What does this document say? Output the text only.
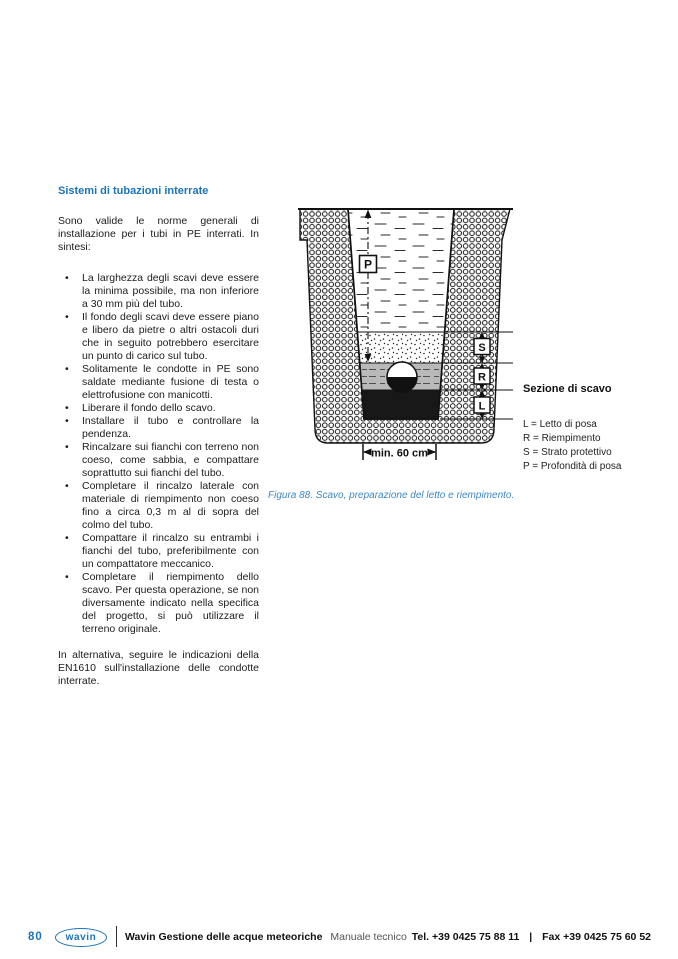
Sistemi di tubazioni interrate

Sono valide le norme generali di installazione per i tubi in PE interrati. In sintesi:

•	La larghezza degli scavi deve essere la minima possibile, ma non inferiore a 30 mm più del tubo.
•	Il fondo degli scavi deve essere piano e libero da pietre o altri ostacoli duri che in seguito potrebbero esercitare un punto di carico sul tubo.
•	Solitamente le condotte in PE sono saldate mediante fusione di testa o elettrofusione con manicotti.
•	Liberare il fondo dello scavo.
•	Installare il tubo e controllare la pendenza.
•	Rincalzare sui fianchi con terreno non coeso, come sabbia, e compattare soprattutto sui fianchi del tubo.
•	Completare il rincalzo laterale con materiale di riempimento non coeso fino a circa 0,3 m al di sopra del colmo del tubo.
•	Compattare il rincalzo su entrambi i fianchi del tubo, preferibilmente con un compattatore meccanico.
•	Completare il riempimento dello scavo. Per questa operazione, se non diversamente indicato nella specifica del progetto, si può utilizzare il terreno originale.

In alternativa, seguire le indicazioni della EN1610 sull'installazione delle condotte interrate.

P
S
R
L
min. 60 cm

Sezione di scavo

L = Letto di posa
R = Riempimento
S = Strato protettivo
P = Profondità di posa
Figura 88. Scavo, preparazione del letto e riempimento.
80 wavin	Wavin Gestione delle acque meteoriche Manuale tecnico Tel. +39 0425 75 88 11 | Fax +39 0425 75 60 52
